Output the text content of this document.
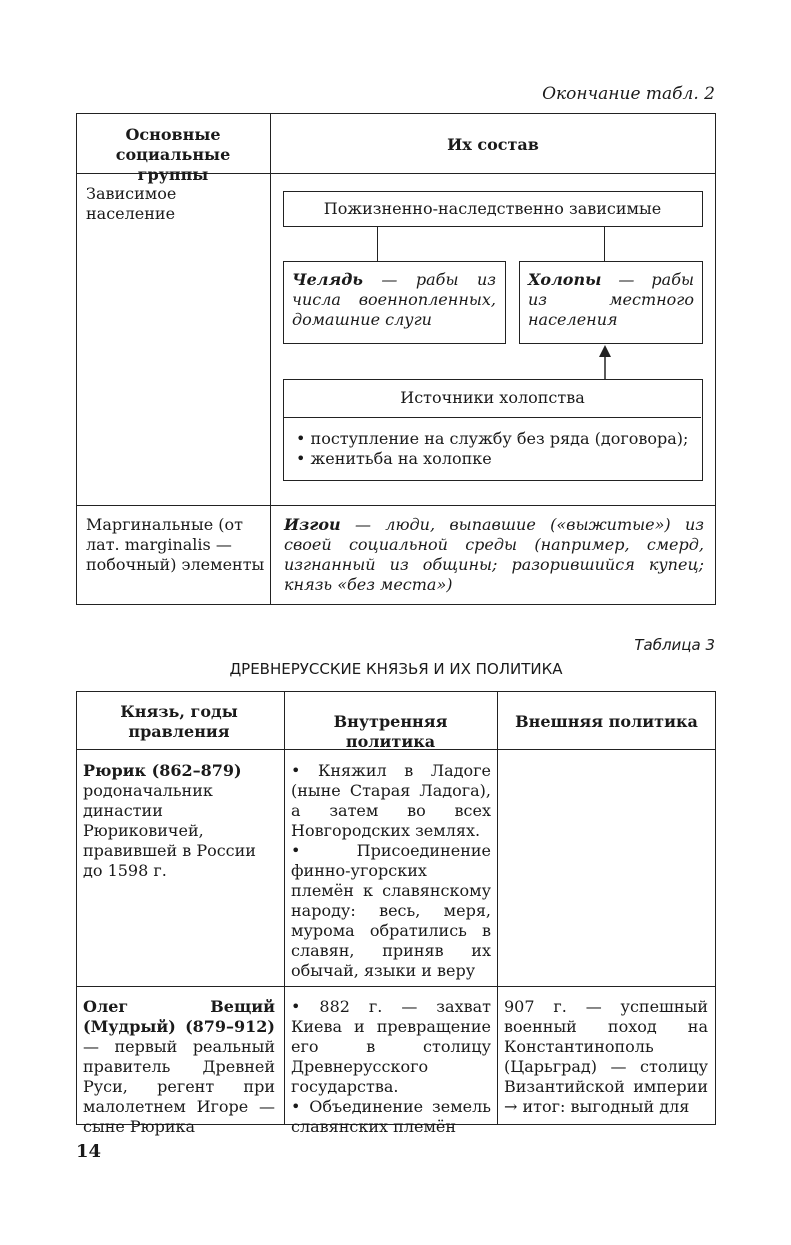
Окончание табл. 2
Основные социальные группы
Их состав
Зависимое население	Пожизненно-наследственно зависимые
Челядь — рабы из числа военнопленных, домашние слуги
Холопы — рабы из местного населения
Источники холопства
• поступление на службу без ряда (договора);
• женитьба на холопке
Маргинальные (от лат. marginalis — побочный) элементы
Изгои — люди, выпавшие («выжитые») из своей социальной среды (например, смерд, изгнанный из общины; разорившийся купец; князь «без места»)
Таблица 3
ДРЕВНЕРУССКИЕ КНЯЗЬЯ И ИХ ПОЛИТИКА
Князь, годы правления
Внутренняя политика
Внешняя политика
Рюрик (862–879)
родоначальник династии Рюриковичей, правившей в России до 1598 г.
• Княжил в Ладоге (ныне Старая Ладога), а затем во всех Новгородских землях.
• Присоединение финно-угорских племён к славянскому народу: весь, меря, мурома обратились в славян, приняв их обычай, языки и веру
Олег Вещий (Мудрый) (879–912) — первый реальный правитель Древней Руси, регент при малолетнем Игоре — сыне Рюрика
• 882 г. — захват Киева и превращение его в столицу Древнерусского государства.
• Объединение земель славянских племён
907 г. — успешный военный поход на Константинополь (Царьград) — столицу Византийской империи → итог: выгодный для
14
